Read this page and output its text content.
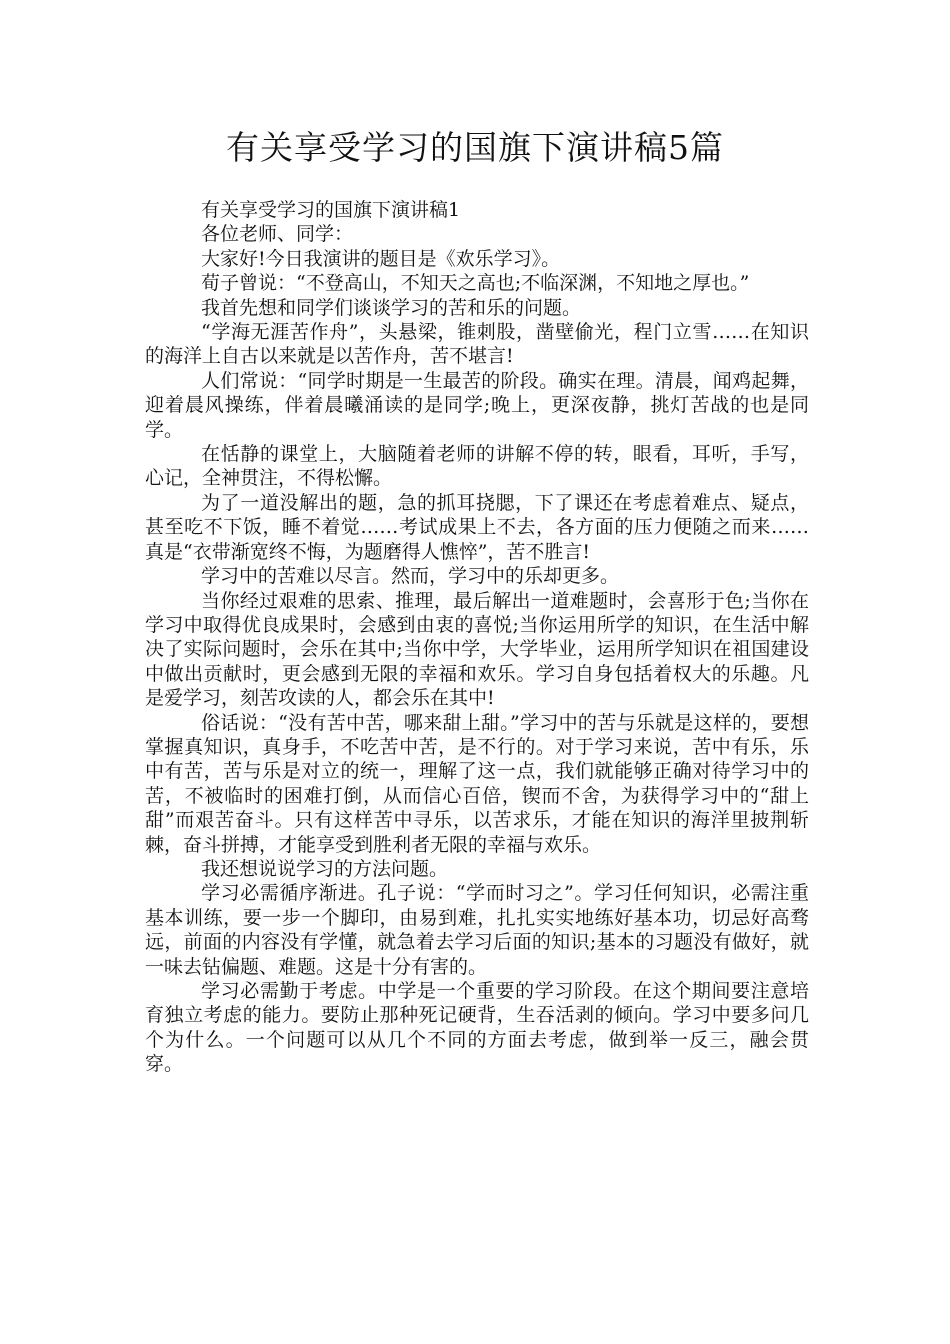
有关享受学习的国旗下演讲稿5篇

有关享受学习的国旗下演讲稿1

各位老师、同学：

大家好!今日我演讲的题目是《欢乐学习》。

荀子曾说：“不登高山，不知天之高也;不临深渊，不知地之厚也。”

我首先想和同学们谈谈学习的苦和乐的问题。

“学海无涯苦作舟”，头悬梁，锥刺股，凿壁偷光，程门立雪……在知识的海洋上自古以来就是以苦作舟，苦不堪言!

人们常说：“同学时期是一生最苦的阶段。确实在理。清晨，闻鸡起舞，迎着晨风操练，伴着晨曦涌读的是同学;晚上，更深夜静，挑灯苦战的也是同学。

在恬静的课堂上，大脑随着老师的讲解不停的转，眼看，耳听，手写，心记，全神贯注，不得松懈。

为了一道没解出的题，急的抓耳挠腮，下了课还在考虑着难点、疑点，甚至吃不下饭，睡不着觉……考试成果上不去，各方面的压力便随之而来……真是“衣带渐宽终不悔，为题磨得人憔悴”，苦不胜言!

学习中的苦难以尽言。然而，学习中的乐却更多。

当你经过艰难的思索、推理，最后解出一道难题时，会喜形于色;当你在学习中取得优良成果时，会感到由衷的喜悦;当你运用所学的知识，在生活中解决了实际问题时，会乐在其中;当你中学，大学毕业，运用所学知识在祖国建设中做出贡献时，更会感到无限的幸福和欢乐。学习自身包括着权大的乐趣。凡是爱学习，刻苦攻读的人，都会乐在其中!

俗话说：“没有苦中苦，哪来甜上甜。”学习中的苦与乐就是这样的，要想掌握真知识，真身手，不吃苦中苦，是不行的。对于学习来说，苦中有乐，乐中有苦，苦与乐是对立的统一，理解了这一点，我们就能够正确对待学习中的苦，不被临时的困难打倒，从而信心百倍，锲而不舍，为获得学习中的“甜上甜”而艰苦奋斗。只有这样苦中寻乐，以苦求乐，才能在知识的海洋里披荆斩棘，奋斗拼搏，才能享受到胜利者无限的幸福与欢乐。

我还想说说学习的方法问题。

学习必需循序渐进。孔子说：“学而时习之”。学习任何知识，必需注重基本训练，要一步一个脚印，由易到难，扎扎实实地练好基本功，切忌好高骛远，前面的内容没有学懂，就急着去学习后面的知识;基本的习题没有做好，就一味去钻偏题、难题。这是十分有害的。

学习必需勤于考虑。中学是一个重要的学习阶段。在这个期间要注意培育独立考虑的能力。要防止那种死记硬背，生吞活剥的倾向。学习中要多问几个为什么。一个问题可以从几个不同的方面去考虑，做到举一反三，融会贯穿。
